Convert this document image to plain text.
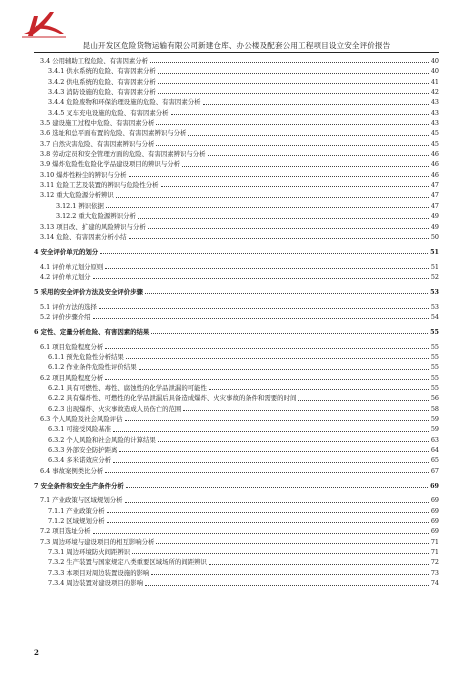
昆山开发区危险货物运输有限公司新建仓库、办公楼及配套公用工程项目设立安全评价报告
3.4 公用辅助工程危险、有害因素分析	40
3.4.1 供水系统的危险、有害因素分析	40
3.4.2 供电系统的危险、有害因素分析	41
3.4.3 消防设施的危险、有害因素分析	42
3.4.4 危险废物和环保治理设施的危险、有害因素分析	43
3.4.5 叉车充电设施的危险、有害因素分析	43
3.5 建设施工过程中危险、有害因素分析	43
3.6 选址和总平面布置的危险、有害因素辨识与分析	45
3.7 自然灾害危险、有害因素辨识与分析	45
3.8 劳动定员和安全管理方面的危险、有害因素辨识与分析	46
3.9 爆炸危险性危险化学品建设项目的辨识与分析	46
3.10 爆炸性粉尘的辨识与分析	46
3.11 危险工艺及装置的辨识与危险性分析	47
3.12 重大危险源分析辨识	47
3.12.1 辨识依据	47
3.12.2 重大危险源辨识分析	49
3.13 项目改、扩建的风险辨识与分析	49
3.14 危险、有害因素分析小结	50
4 安全评价单元的划分	51
4.1 评价单元划分原则	51
4.2 评价单元划分	52
5 采用的安全评价方法及安全评价步骤	53
5.1 评价方法的选择	53
5.2 评价步骤介绍	54
6 定性、定量分析危险、有害因素的结果	55
6.1 项目危险程度分析	55
6.1.1 预先危险性分析结果	55
6.1.2 作业条件危险性评价结果	55
6.2 项目风险程度分析	55
6.2.1 具有可燃性、毒性、腐蚀性的化学品泄漏的可能性	55
6.2.2 具有爆炸性、可燃性的化学品泄漏后具备造成爆炸、火灾事故的条件和需要的时间	56
6.2.3 出现爆炸、火灾事故造成人员伤亡的范围	58
6.3 个人风险及社会风险评估	59
6.3.1 可接受风险基准	59
6.3.2 个人风险和社会风险的计算结果	63
6.3.3 外部安全防护距离	64
6.3.4 多米诺效应分析	65
6.4 事故案例类比分析	67
7 安全条件和安全生产条件分析	69
7.1 产业政策与区域规划分析	69
7.1.1 产业政策分析	69
7.1.2 区域规划分析	69
7.2 项目选址分析	69
7.3 周边环境与建设项目的相互影响分析	71
7.3.1 周边环境防火间距辨识	71
7.3.2 生产装置与国家规定八类重要区域场所的间距辨识	72
7.3.3 本项目对周边装置设施的影响	73
7.3.4 周边装置对建设项目的影响	74
2
